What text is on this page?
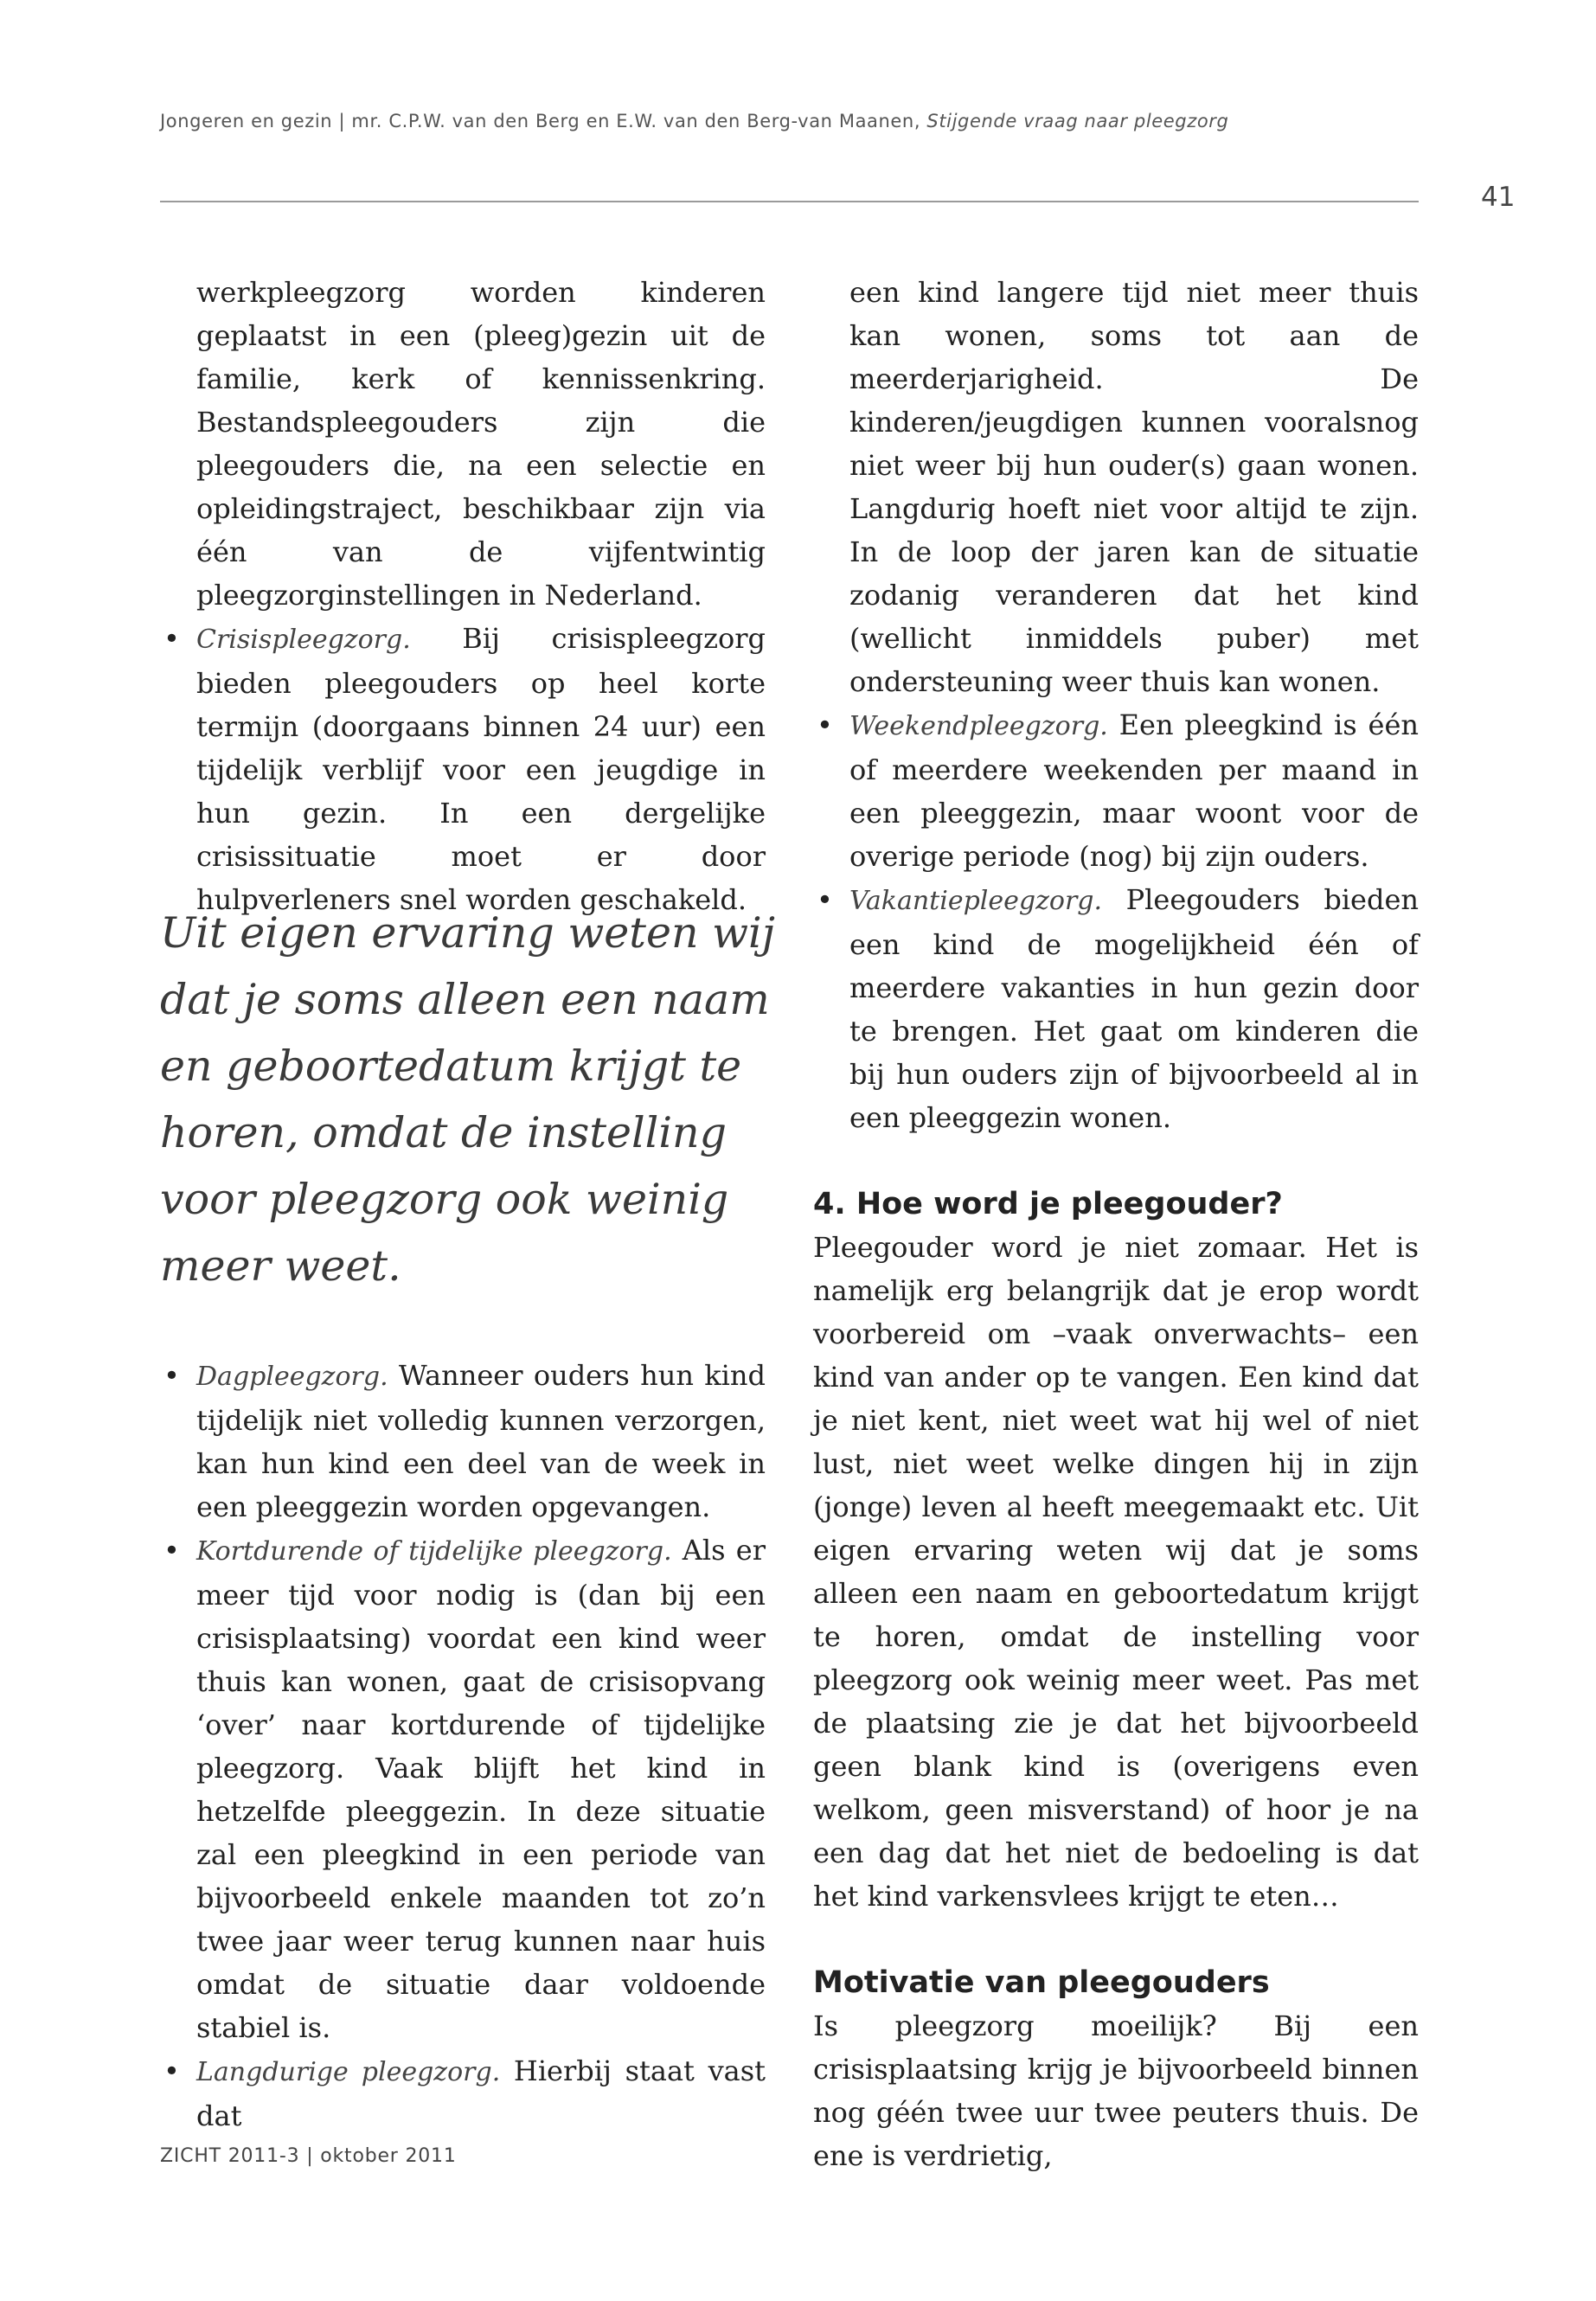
Jongeren en gezin | mr. C.P.W. van den Berg en E.W. van den Berg-van Maanen, Stijgende vraag naar pleegzorg
41

werkpleegzorg worden kinderen geplaatst in een (pleeg)gezin uit de familie, kerk of kennissenkring. Bestandspleegouders zijn die pleegouders die, na een selectie en opleidingstraject, beschikbaar zijn via één van de vijfentwintig pleegzorginstellingen in Nederland.

• Crisispleegzorg. Bij crisispleegzorg bieden pleegouders op heel korte termijn (doorgaans binnen 24 uur) een tijdelijk verblijf voor een jeugdige in hun gezin. In een dergelijke crisissituatie moet er door hulpverleners snel worden geschakeld.

Uit eigen ervaring weten wij dat je soms alleen een naam en geboortedatum krijgt te horen, omdat de instelling voor pleegzorg ook weinig meer weet.

• Dagpleegzorg. Wanneer ouders hun kind tijdelijk niet volledig kunnen verzorgen, kan hun kind een deel van de week in een pleeggezin worden opgevangen.
• Kortdurende of tijdelijke pleegzorg. Als er meer tijd voor nodig is (dan bij een crisisplaatsing) voordat een kind weer thuis kan wonen, gaat de crisisopvang ‘over’ naar kortdurende of tijdelijke pleegzorg. Vaak blijft het kind in hetzelfde pleeggezin. In deze situatie zal een pleegkind in een periode van bijvoorbeeld enkele maanden tot zo’n twee jaar weer terug kunnen naar huis omdat de situatie daar voldoende stabiel is.
• Langdurige pleegzorg. Hierbij staat vast dat

een kind langere tijd niet meer thuis kan wonen, soms tot aan de meerderjarigheid. De kinderen/jeugdigen kunnen vooralsnog niet weer bij hun ouder(s) gaan wonen. Langdurig hoeft niet voor altijd te zijn. In de loop der jaren kan de situatie zodanig veranderen dat het kind (wellicht inmiddels puber) met ondersteuning weer thuis kan wonen.

• Weekendpleegzorg. Een pleegkind is één of meerdere weekenden per maand in een pleeggezin, maar woont voor de overige periode (nog) bij zijn ouders.
• Vakantiepleegzorg. Pleegouders bieden een kind de mogelijkheid één of meerdere vakanties in hun gezin door te brengen. Het gaat om kinderen die bij hun ouders zijn of bijvoorbeeld al in een pleeggezin wonen.
4. Hoe word je pleegouder?

Pleegouder word je niet zomaar. Het is namelijk erg belangrijk dat je erop wordt voorbereid om –vaak onverwachts– een kind van ander op te vangen. Een kind dat je niet kent, niet weet wat hij wel of niet lust, niet weet welke dingen hij in zijn (jonge) leven al heeft meegemaakt etc. Uit eigen ervaring weten wij dat je soms alleen een naam en geboortedatum krijgt te horen, omdat de instelling voor pleegzorg ook weinig meer weet. Pas met de plaatsing zie je dat het bijvoorbeeld geen blank kind is (overigens even welkom, geen misverstand) of hoor je na een dag dat het niet de bedoeling is dat het kind varkensvlees krijgt te eten…

Motivatie van pleegouders

Is pleegzorg moeilijk? Bij een crisisplaatsing krijg je bijvoorbeeld binnen nog géén twee uur twee peuters thuis. De ene is verdrietig,

ZICHT 2011-3 | oktober 2011
